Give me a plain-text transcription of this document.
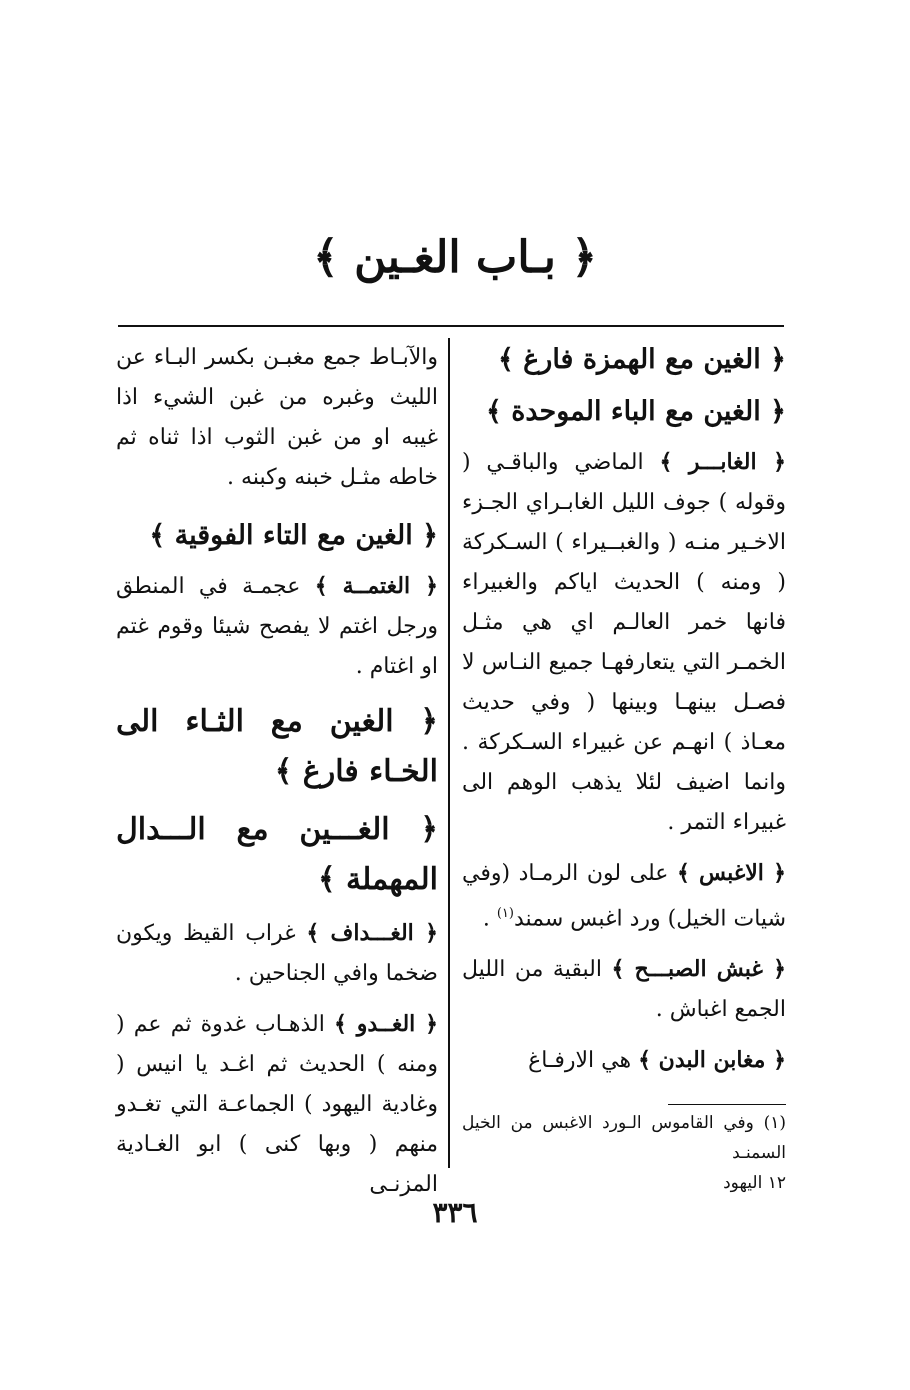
﴿ بـاب الغـين ﴾
﴿ الغين مع الهمزة فارغ ﴾
﴿ الغين مع الباء الموحدة ﴾

﴿ الغابـــر ﴾ الماضي والباقـي ( وقوله ) جوف الليل الغابـراي الجـزء الاخـير منـه ( والغبــيراء ) السـكركة ( ومنه ) الحديث اياكم والغبيراء فانها خمر العالـم اي هي مثـل الخمـر التي يتعارفهـا جميع النـاس لا فصـل بينهـا وبينها ( وفي حديث معـاذ ) انهـم عن غبيراء السـكركة . وانما اضيف لئلا يذهب الوهم الى غبيراء التمر .

﴿ الاغبس ﴾ على لون الرمـاد (وفي شيات الخيل) ورد اغبس سمند$^{(١)}$ .

﴿ غبش الصبـــح ﴾ البقية من الليل الجمع اغباش .

﴿ مغابن البدن ﴾ هي الارفـاغ

والآبـاط جمع مغبـن بكسر البـاء عن الليث وغبره من غبن الشيء اذا غيبه او من غبن الثوب اذا ثناه ثم خاطه مثـل خبنه وكبنه .

﴿ الغين مع التاء الفوقية ﴾

﴿ الغتمــة ﴾ عجمـة في المنطق ورجل اغتم لا يفصح شيئا وقوم غتم او اغتام .

﴿ الغين مع الثـاء الى الخـاء فارغ ﴾
﴿ الغـــين مع الـــدال المهملة ﴾

﴿ الغـــداف ﴾ غراب القيظ ويكون ضخما وافي الجناحين .

﴿ الغــدو ﴾ الذهـاب غدوة ثم عم ( ومنه ) الحديث ثم اغـد يا انيس ( وغادية اليهود ) الجماعـة التي تغـدو منهم ( وبها كنى ) ابو الغـادية المزنـى

(١) وفي القاموس الـورد الاغبس من الخيل السمنـد
١٢ اليهود
٣٣٦
